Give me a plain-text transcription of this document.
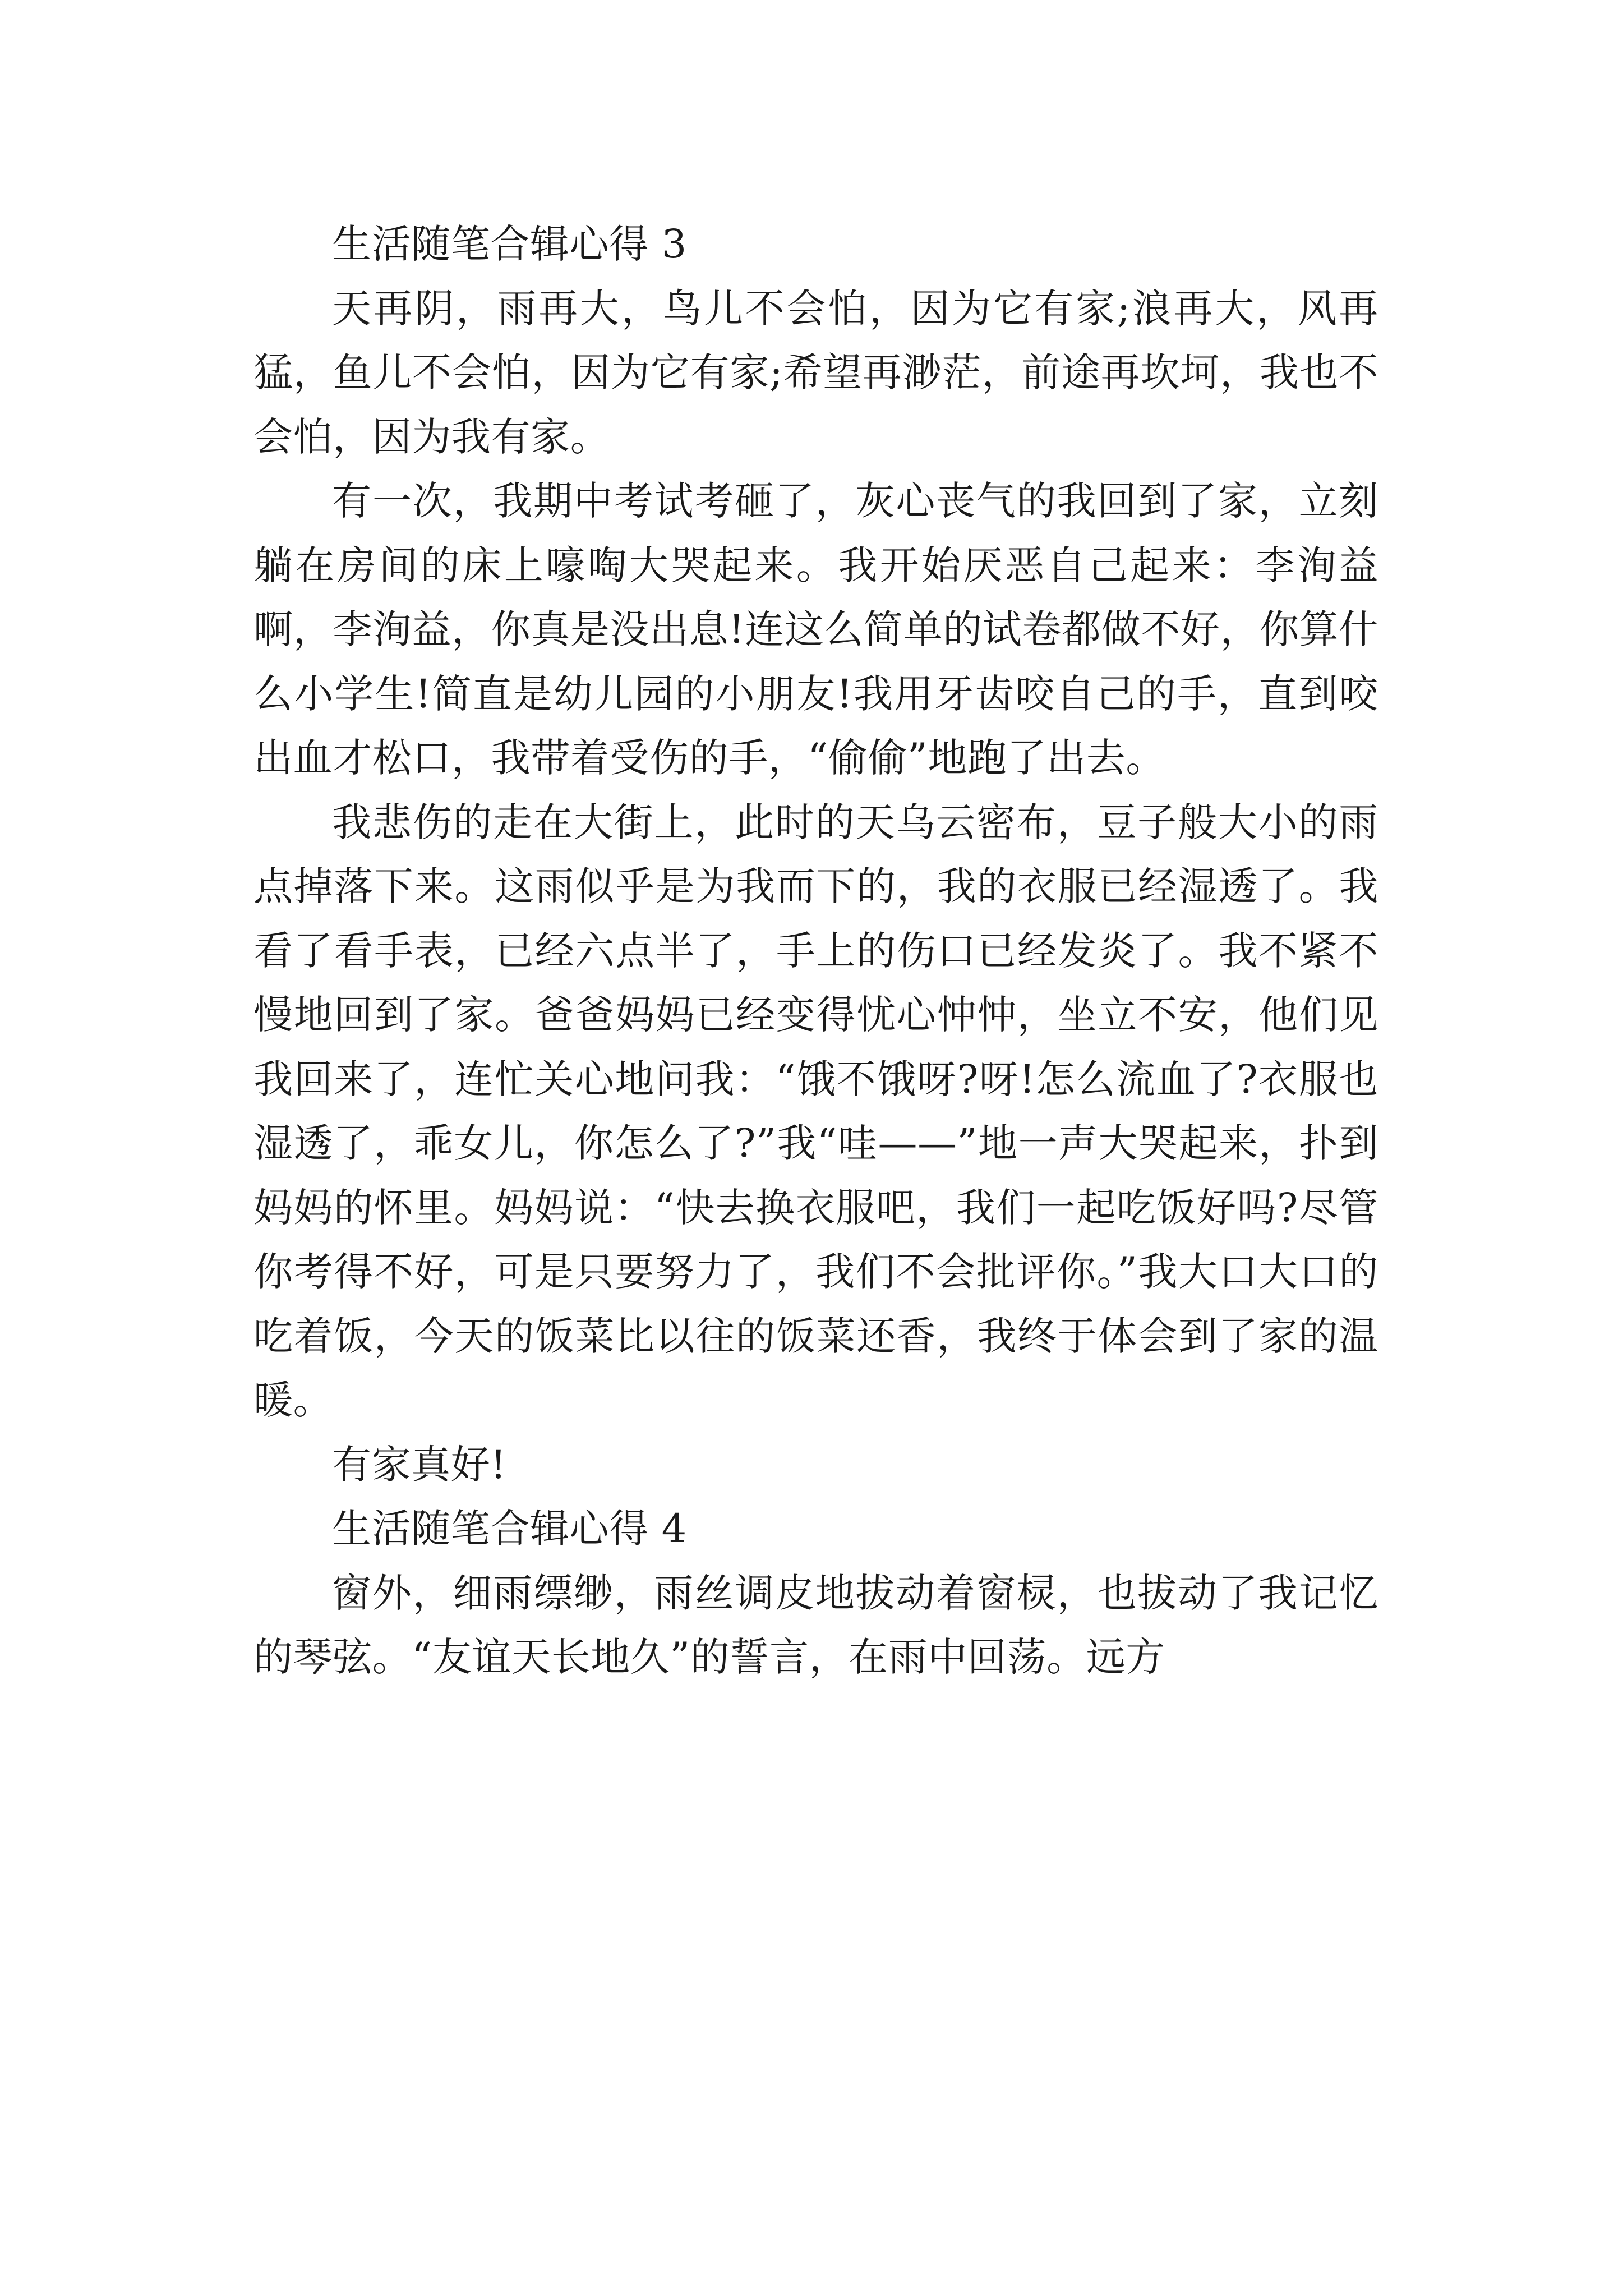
生活随笔合辑心得 3

天再阴，雨再大，鸟儿不会怕，因为它有家;浪再大，风再猛，鱼儿不会怕，因为它有家;希望再渺茫，前途再坎坷，我也不会怕，因为我有家。

有一次，我期中考试考砸了，灰心丧气的我回到了家，立刻躺在房间的床上嚎啕大哭起来。我开始厌恶自己起来：李洵益啊，李洵益，你真是没出息!连这么简单的试卷都做不好，你算什么小学生!简直是幼儿园的小朋友!我用牙齿咬自己的手，直到咬出血才松口，我带着受伤的手，“偷偷”地跑了出去。

我悲伤的走在大街上，此时的天乌云密布，豆子般大小的雨点掉落下来。这雨似乎是为我而下的，我的衣服已经湿透了。我看了看手表，已经六点半了，手上的伤口已经发炎了。我不紧不慢地回到了家。爸爸妈妈已经变得忧心忡忡，坐立不安，他们见我回来了，连忙关心地问我：“饿不饿呀?呀!怎么流血了?衣服也湿透了，乖女儿，你怎么了?”我“哇——”地一声大哭起来，扑到妈妈的怀里。妈妈说：“快去换衣服吧，我们一起吃饭好吗?尽管你考得不好，可是只要努力了，我们不会批评你。”我大口大口的吃着饭，今天的饭菜比以往的饭菜还香，我终于体会到了家的温暖。

有家真好!

生活随笔合辑心得 4

窗外，细雨缥缈，雨丝调皮地拔动着窗棂，也拔动了我记忆的琴弦。“友谊天长地久”的誓言，在雨中回荡。远方
